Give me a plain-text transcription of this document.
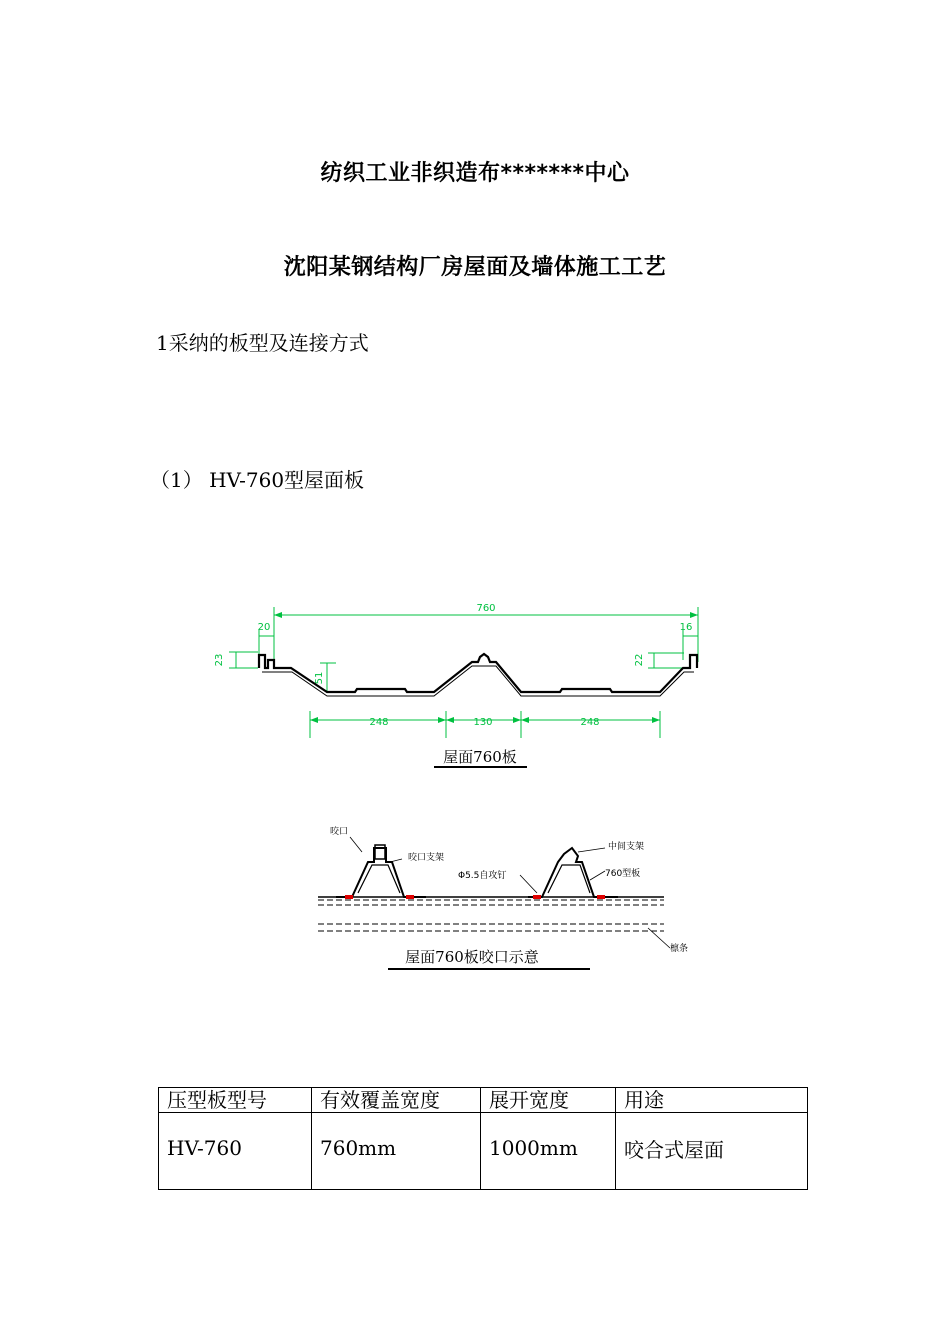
纺织工业非织造布*******中心
沈阳某钢结构厂房屋面及墙体施工工艺
1采纳的板型及连接方式
（1） HV-760型屋面板
760
20	16
23	22
51
248	130	248
屋面760板
咬口
咬口支架
中间支架
Φ5.5自攻钉	760型板
檩条
屋面760板咬口示意
压型板型号	有效覆盖宽度	展开宽度	用途
HV-760	760mm	1000mm	咬合式屋面
